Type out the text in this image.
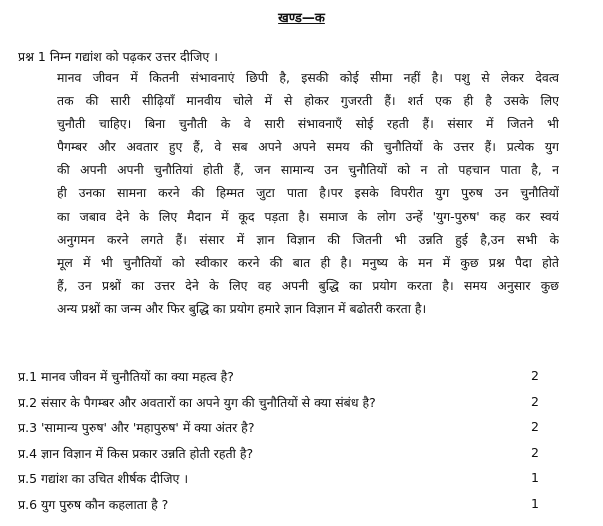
खण्ड—क
प्रश्न 1 निम्न गद्यांश को पढ़कर उत्तर दीजिए ।
मानव जीवन में कितनी संभावनाएं छिपी है, इसकी कोई सीमा नहीं है। पशु से लेकर देवत्व
तक की सारी सीढ़ियाँ मानवीय चोले में से होकर गुजरती हैं। शर्त एक ही है उसके लिए
चुनौती चाहिए। बिना चुनौती के वे सारी संभावनाएँ सोई रहती हैं। संसार में जितने भी
पैगम्बर और अवतार हुए हैं, वे सब अपने अपने समय की चुनौतियों के उत्तर हैं। प्रत्येक युग
की अपनी अपनी चुनौतियां होती हैं, जन सामान्य उन चुनौतियों को न तो पहचान पाता है, न
ही उनका सामना करने की हिम्मत जुटा पाता है।पर इसके विपरीत युग पुरुष उन चुनौतियों
का जबाव देने के लिए मैदान में कूद पड़ता है। समाज के लोग उन्हें 'युग-पुरुष' कह कर स्वयं
अनुगमन करने लगते हैं। संसार में ज्ञान विज्ञान की जितनी भी उन्नति हुई है,उन सभी के
मूल में भी चुनौतियों को स्वीकार करने की बात ही है। मनुष्य के मन में कुछ प्रश्न पैदा होते
हैं, उन प्रश्नों का उत्तर देने के लिए वह अपनी बुद्धि का प्रयोग करता है। समय अनुसार कुछ
अन्य प्रश्नों का जन्म और फिर बुद्धि का प्रयोग हमारे ज्ञान विज्ञान में बढोतरी करता है।
प्र.1 मानव जीवन में चुनौतियों का क्या महत्व है?	2
प्र.2 संसार के पैगम्बर और अवतारों का अपने युग की चुनौतियों से क्या संबंध है?	2
प्र.3 'सामान्य पुरुष' और 'महापुरुष' में क्या अंतर है?	2
प्र.4 ज्ञान विज्ञान में किस प्रकार उन्नति होती रहती है?	2
प्र.5 गद्यांश का उचित शीर्षक दीजिए ।	1
प्र.6 युग पुरुष कौन कहलाता है ?	1
